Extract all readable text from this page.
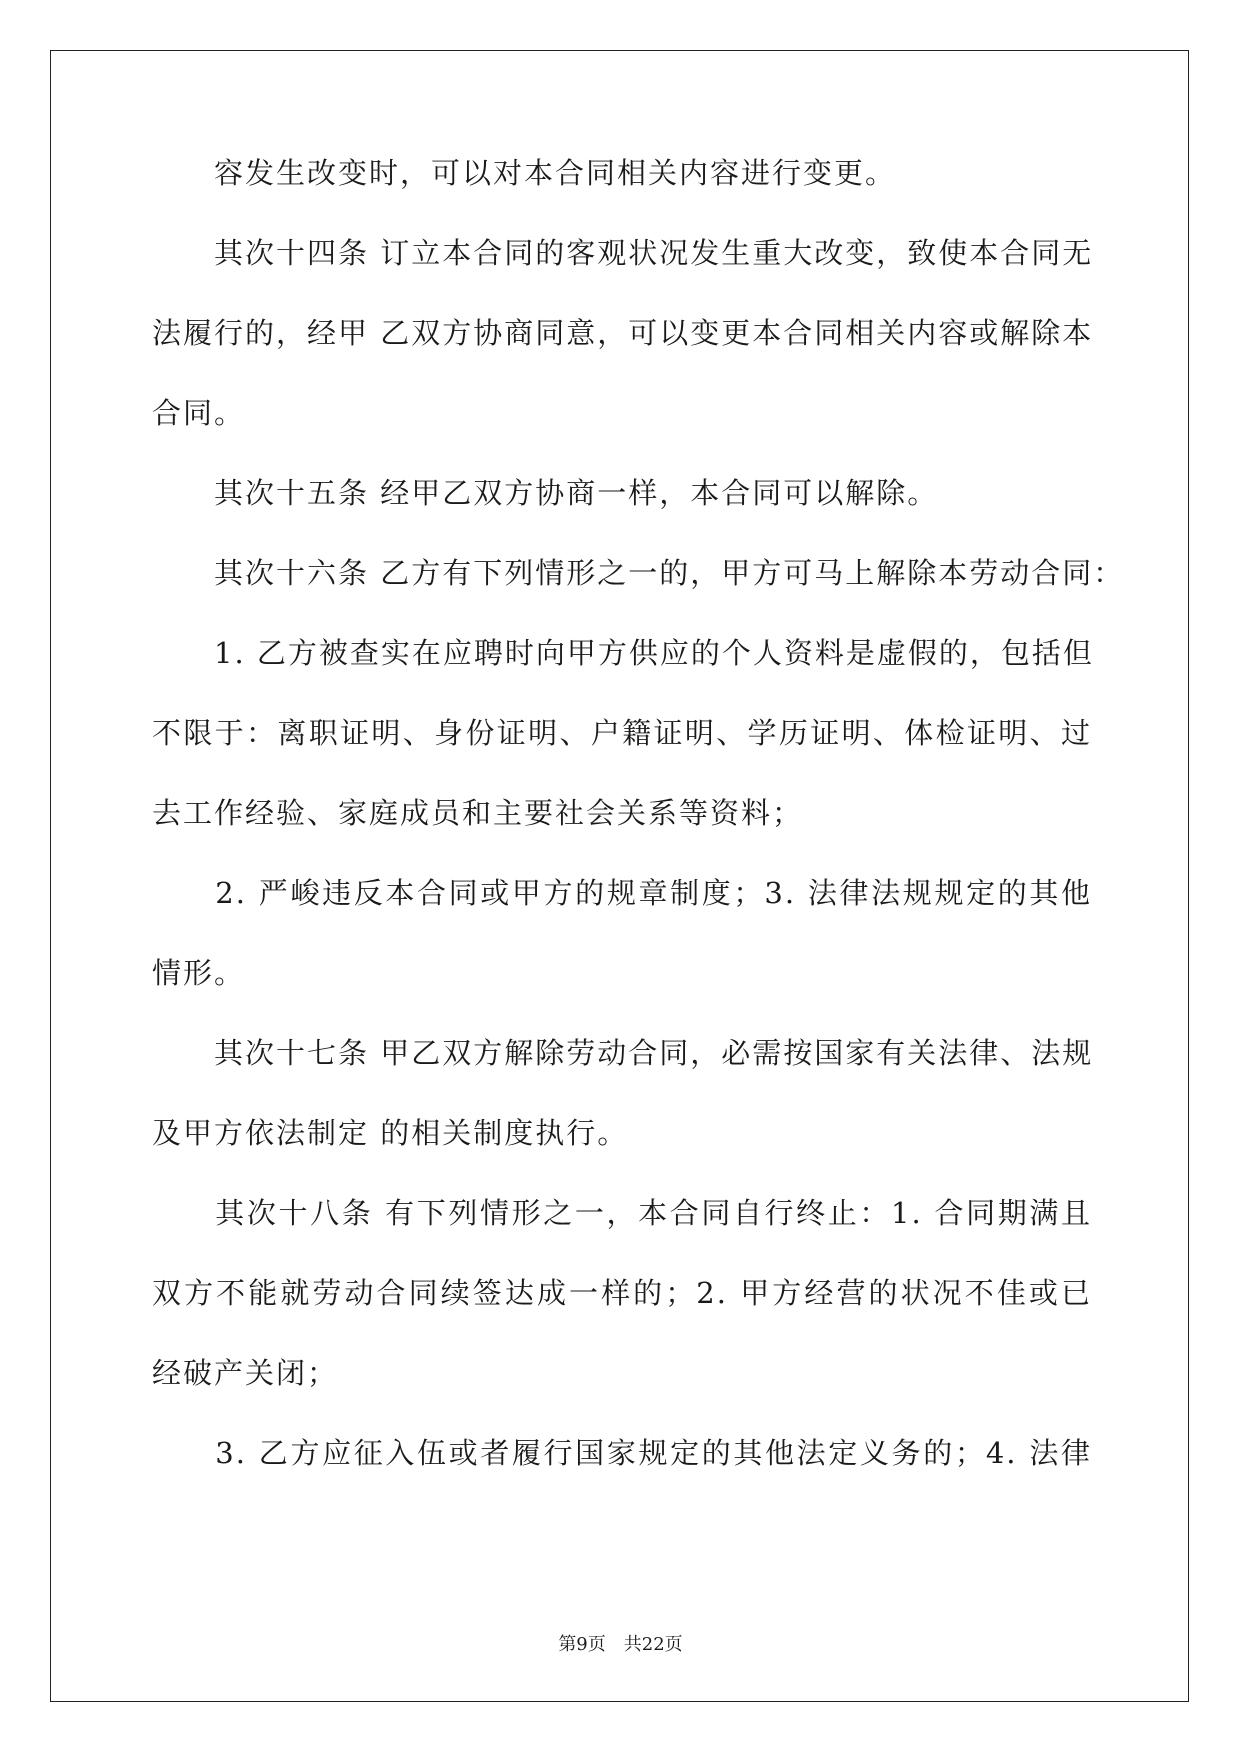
　　容发生改变时，可以对本合同相关内容进行变更。
　　其次十四条 订立本合同的客观状况发生重大改变，致使本合同无
法履行的，经甲 乙双方协商同意，可以变更本合同相关内容或解除本
合同。
　　其次十五条 经甲乙双方协商一样，本合同可以解除。
　　其次十六条 乙方有下列情形之一的，甲方可马上解除本劳动合同：
　　1. 乙方被查实在应聘时向甲方供应的个人资料是虚假的，包括但
不限于：离职证明、身份证明、户籍证明、学历证明、体检证明、过
去工作经验、家庭成员和主要社会关系等资料；
　　2. 严峻违反本合同或甲方的规章制度；3. 法律法规规定的其他
情形。
　　其次十七条 甲乙双方解除劳动合同，必需按国家有关法律、法规
及甲方依法制定 的相关制度执行。
　　其次十八条 有下列情形之一，本合同自行终止：1. 合同期满且
双方不能就劳动合同续签达成一样的；2. 甲方经营的状况不佳或已
经破产关闭；
　　3. 乙方应征入伍或者履行国家规定的其他法定义务的；4. 法律
第9页　共22页
